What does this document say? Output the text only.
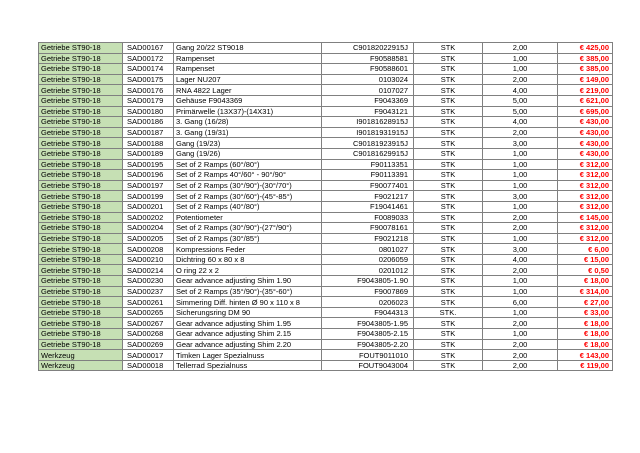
Getriebe ST90-18	SAD00167	Gang 20/22 ST9018	C90182022915J	STK	2,00	€ 425,00
Getriebe ST90-18	SAD00172	Rampenset	F90588581	STK	1,00	€ 385,00
Getriebe ST90-18	SAD00174	Rampenset	F90588601	STK	1,00	€ 385,00
Getriebe ST90-18	SAD00175	Lager NU207	0103024	STK	2,00	€ 149,00
Getriebe ST90-18	SAD00176	RNA 4822 Lager	0107027	STK	4,00	€ 219,00
Getriebe ST90-18	SAD00179	Gehäuse F9043369	F9043369	STK	5,00	€ 621,00
Getriebe ST90-18	SAD00180	Primärwelle (13X37)-(14X31)	F9043121	STK	5,00	€ 695,00
Getriebe ST90-18	SAD00186	3. Gang (16/28)	I90181628915J	STK	4,00	€ 430,00
Getriebe ST90-18	SAD00187	3. Gang (19/31)	I90181931915J	STK	2,00	€ 430,00
Getriebe ST90-18	SAD00188	Gang (19/23)	C90181923915J	STK	3,00	€ 430,00
Getriebe ST90-18	SAD00189	Gang (19/26)	C90181629915J	STK	1,00	€ 430,00
Getriebe ST90-18	SAD00195	Set of 2 Ramps (60°/80°)	F90113351	STK	1,00	€ 312,00
Getriebe ST90-18	SAD00196	Set of 2 Ramps 40°/60° - 90°/90°	F90113391	STK	1,00	€ 312,00
Getriebe ST90-18	SAD00197	Set of 2 Ramps (30°/90°)-(30°/70°)	F90077401	STK	1,00	€ 312,00
Getriebe ST90-18	SAD00199	Set of 2 Ramps (30°/60°)-(45°-85°)	F9021217	STK	3,00	€ 312,00
Getriebe ST90-18	SAD00201	Set of 2 Ramps (40°/80°)	F19041461	STK	1,00	€ 312,00
Getriebe ST90-18	SAD00202	Potentiometer	F0089033	STK	2,00	€ 145,00
Getriebe ST90-18	SAD00204	Set of 2 Ramps (30°/90°)-(27°/90°)	F90078161	STK	2,00	€ 312,00
Getriebe ST90-18	SAD00205	Set of 2 Ramps (30°/85°)	F9021218	STK	1,00	€ 312,00
Getriebe ST90-18	SAD00208	Kompressions Feder	0801027	STK	3,00	€ 6,00
Getriebe ST90-18	SAD00210	Dichtring 60 x 80 x 8	0206059	STK	4,00	€ 15,00
Getriebe ST90-18	SAD00214	O ring 22 x 2	0201012	STK	2,00	€ 0,50
Getriebe ST90-18	SAD00230	Gear advance adjusting Shim 1.90	F9043805-1.90	STK	1,00	€ 18,00
Getriebe ST90-18	SAD00237	Set of 2 Ramps (35°/90°)-(35°-60°)	F9007869	STK	1,00	€ 314,00
Getriebe ST90-18	SAD00261	Simmering Diff. hinten Ø 90 x 110 x 8	0206023	STK	6,00	€ 27,00
Getriebe ST90-18	SAD00265	Sicherungsring DM 90	F9044313	STK.	1,00	€ 33,00
Getriebe ST90-18	SAD00267	Gear advance adjusting Shim 1.95	F9043805-1.95	STK	2,00	€ 18,00
Getriebe ST90-18	SAD00268	Gear advance adjusting Shim 2.15	F9043805-2.15	STK	1,00	€ 18,00
Getriebe ST90-18	SAD00269	Gear advance adjusting Shim 2.20	F9043805-2.20	STK	2,00	€ 18,00
Werkzeug	SAD00017	Timken Lager Spezialnuss	FOUT9011010	STK	2,00	€ 143,00
Werkzeug	SAD00018	Tellerrad Spezialnuss	FOUT9043004	STK	2,00	€ 119,00
